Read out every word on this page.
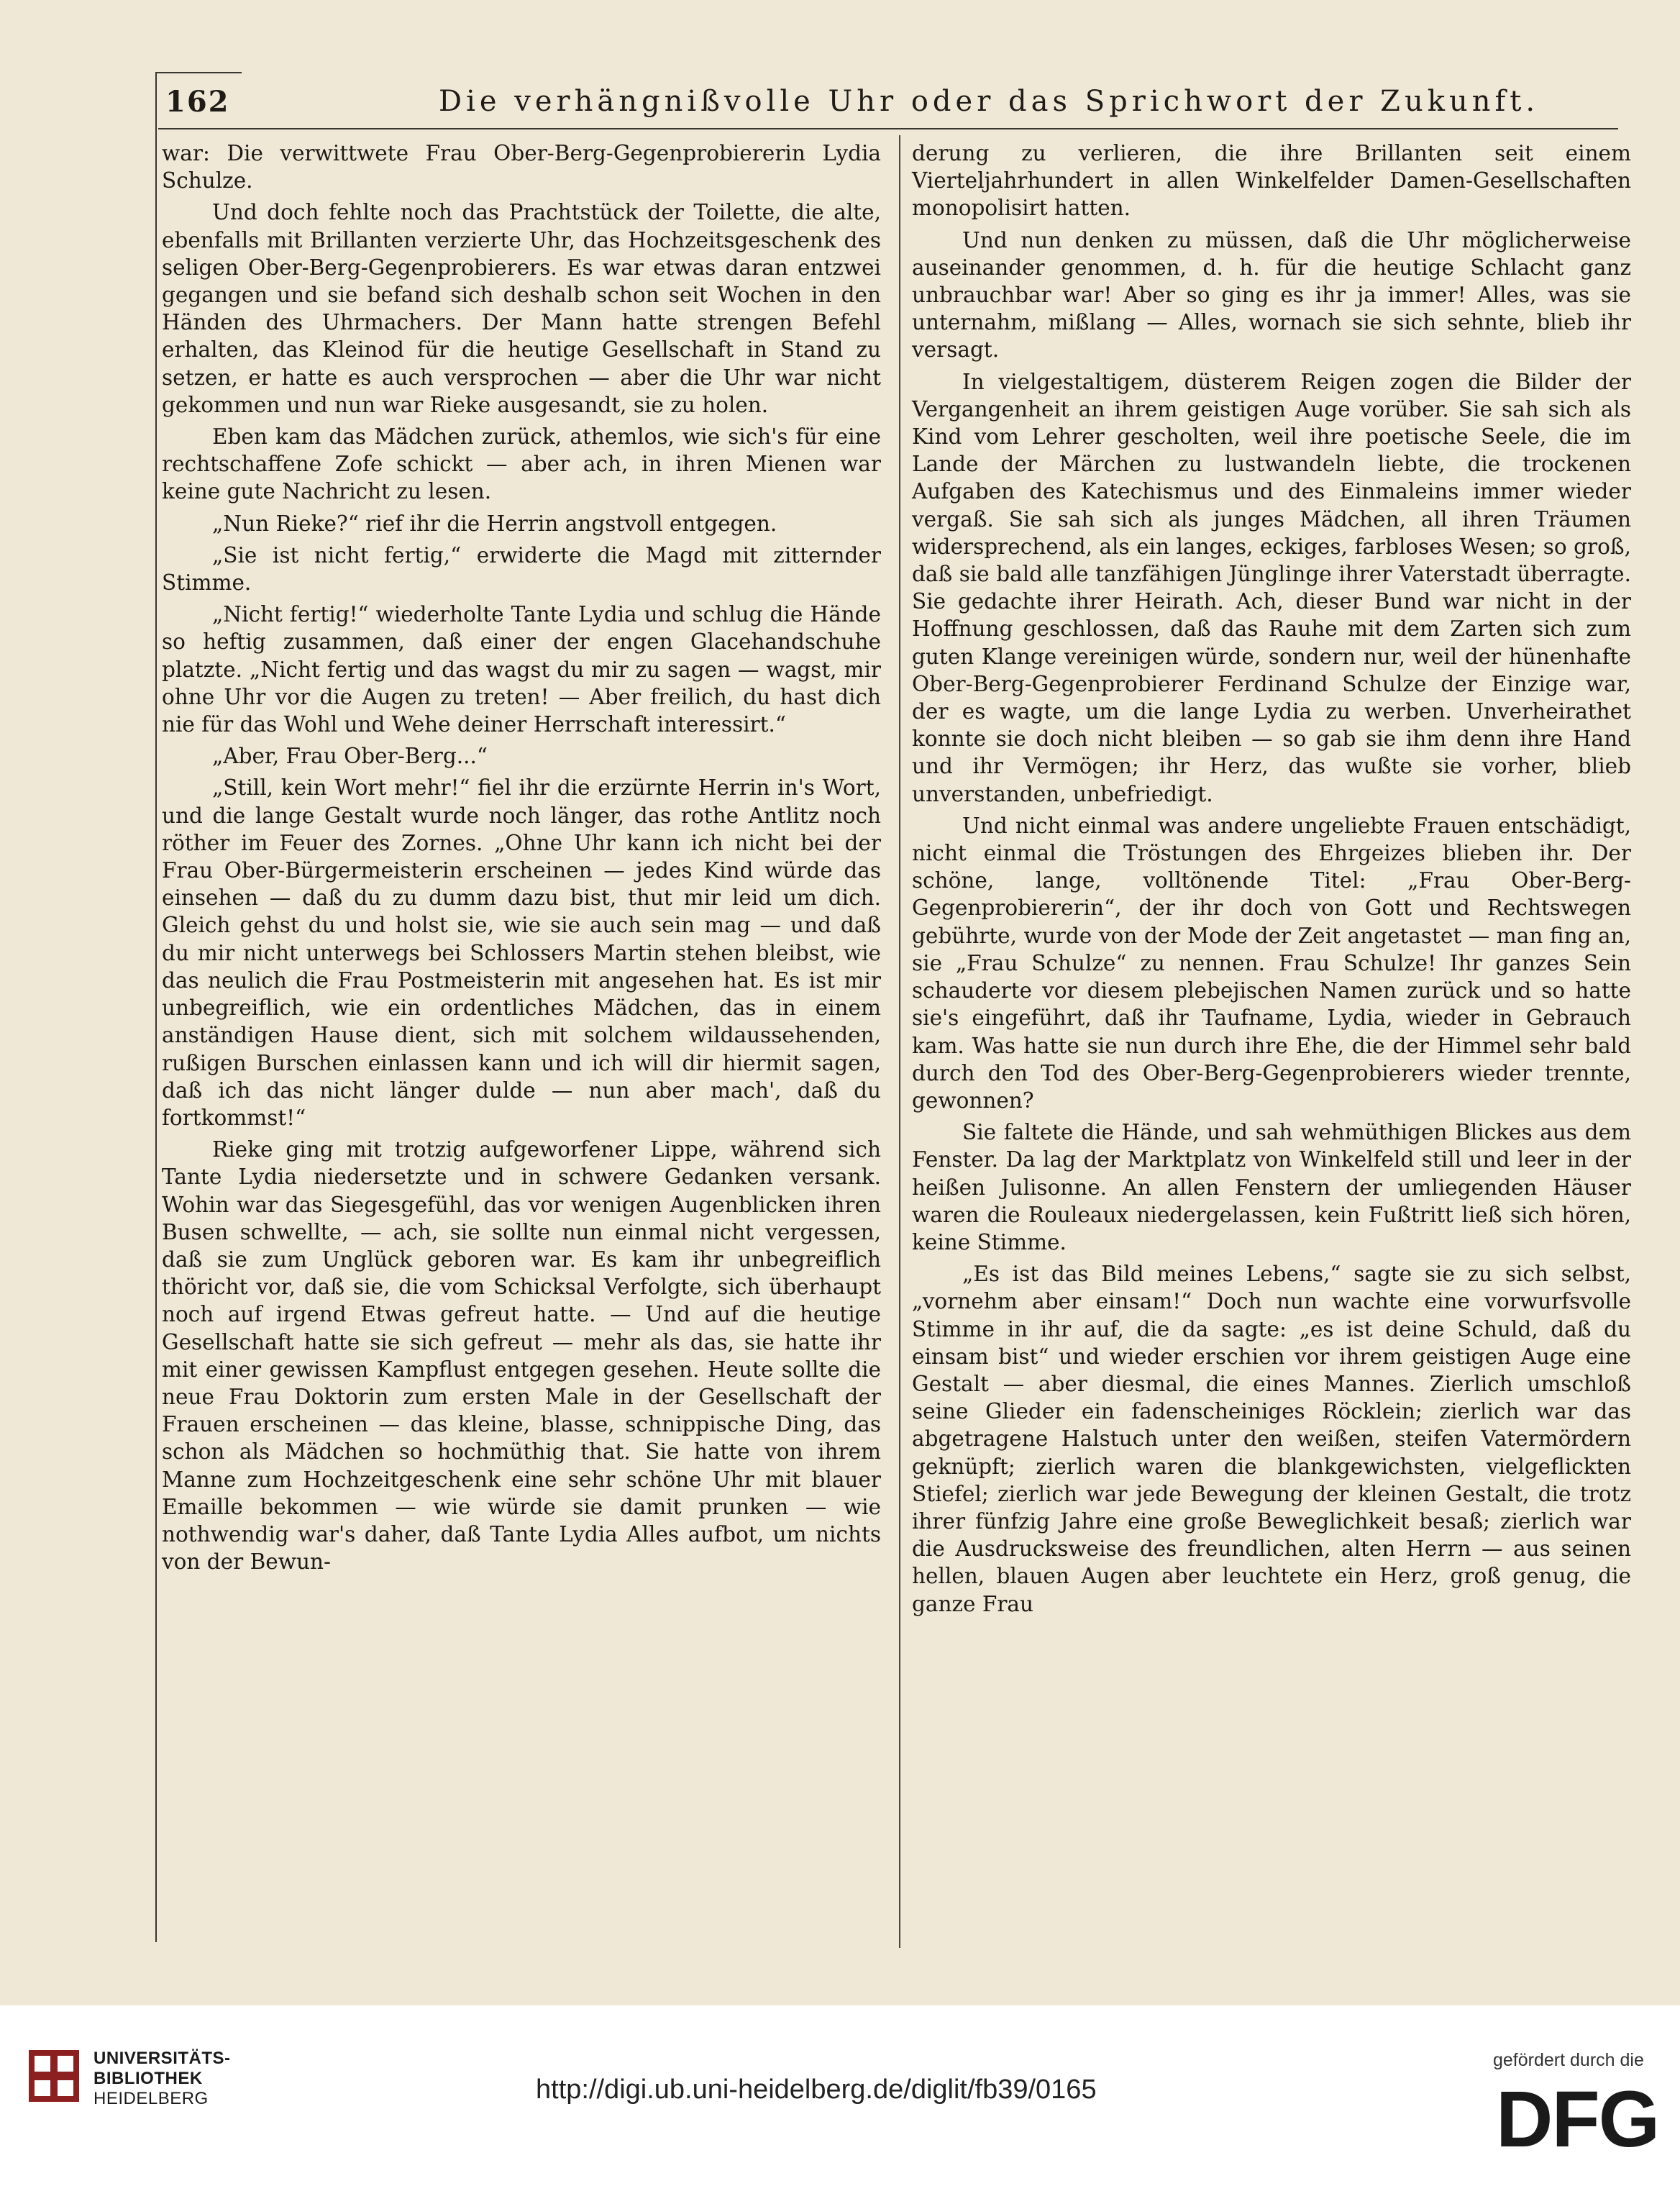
162	Die verhängnißvolle Uhr oder das Sprichwort der Zukunft.

war: Die verwittwete Frau Ober-Berg-Gegenprobiererin Lydia Schulze.

Und doch fehlte noch das Prachtstück der Toilette, die alte, ebenfalls mit Brillanten verzierte Uhr, das Hochzeitsgeschenk des seligen Ober-Berg-Gegenprobierers. Es war etwas daran entzwei gegangen und sie befand sich deshalb schon seit Wochen in den Händen des Uhrmachers. Der Mann hatte strengen Befehl erhalten, das Kleinod für die heutige Gesellschaft in Stand zu setzen, er hatte es auch versprochen — aber die Uhr war nicht gekommen und nun war Rieke ausgesandt, sie zu holen.

Eben kam das Mädchen zurück, athemlos, wie sich's für eine rechtschaffene Zofe schickt — aber ach, in ihren Mienen war keine gute Nachricht zu lesen.

„Nun Rieke?“ rief ihr die Herrin angstvoll entgegen.

„Sie ist nicht fertig,“ erwiderte die Magd mit zitternder Stimme.

„Nicht fertig!“ wiederholte Tante Lydia und schlug die Hände so heftig zusammen, daß einer der engen Glacehandschuhe platzte. „Nicht fertig und das wagst du mir zu sagen — wagst, mir ohne Uhr vor die Augen zu treten! — Aber freilich, du hast dich nie für das Wohl und Wehe deiner Herrschaft interessirt.“

„Aber, Frau Ober-Berg...“

„Still, kein Wort mehr!“ fiel ihr die erzürnte Herrin in's Wort, und die lange Gestalt wurde noch länger, das rothe Antlitz noch röther im Feuer des Zornes. „Ohne Uhr kann ich nicht bei der Frau Ober-Bürgermeisterin erscheinen — jedes Kind würde das einsehen — daß du zu dumm dazu bist, thut mir leid um dich. Gleich gehst du und holst sie, wie sie auch sein mag — und daß du mir nicht unterwegs bei Schlossers Martin stehen bleibst, wie das neulich die Frau Postmeisterin mit angesehen hat. Es ist mir unbegreiflich, wie ein ordentliches Mädchen, das in einem anständigen Hause dient, sich mit solchem wildaussehenden, rußigen Burschen einlassen kann und ich will dir hiermit sagen, daß ich das nicht länger dulde — nun aber mach', daß du fortkommst!“

Rieke ging mit trotzig aufgeworfener Lippe, während sich Tante Lydia niedersetzte und in schwere Gedanken versank. Wohin war das Siegesgefühl, das vor wenigen Augenblicken ihren Busen schwellte, — ach, sie sollte nun einmal nicht vergessen, daß sie zum Unglück geboren war. Es kam ihr unbegreiflich thöricht vor, daß sie, die vom Schicksal Verfolgte, sich überhaupt noch auf irgend Etwas gefreut hatte. — Und auf die heutige Gesellschaft hatte sie sich gefreut — mehr als das, sie hatte ihr mit einer gewissen Kampflust entgegen gesehen. Heute sollte die neue Frau Doktorin zum ersten Male in der Gesellschaft der Frauen erscheinen — das kleine, blasse, schnippische Ding, das schon als Mädchen so hochmüthig that. Sie hatte von ihrem Manne zum Hochzeitgeschenk eine sehr schöne Uhr mit blauer Emaille bekommen — wie würde sie damit prunken — wie nothwendig war's daher, daß Tante Lydia Alles aufbot, um nichts von der Bewun-

derung zu verlieren, die ihre Brillanten seit einem Vierteljahrhundert in allen Winkelfelder Damen-Gesellschaften monopolisirt hatten.

Und nun denken zu müssen, daß die Uhr möglicherweise auseinander genommen, d. h. für die heutige Schlacht ganz unbrauchbar war! Aber so ging es ihr ja immer! Alles, was sie unternahm, mißlang — Alles, wornach sie sich sehnte, blieb ihr versagt.

In vielgestaltigem, düsterem Reigen zogen die Bilder der Vergangenheit an ihrem geistigen Auge vorüber. Sie sah sich als Kind vom Lehrer gescholten, weil ihre poetische Seele, die im Lande der Märchen zu lustwandeln liebte, die trockenen Aufgaben des Katechismus und des Einmaleins immer wieder vergaß. Sie sah sich als junges Mädchen, all ihren Träumen widersprechend, als ein langes, eckiges, farbloses Wesen; so groß, daß sie bald alle tanzfähigen Jünglinge ihrer Vaterstadt überragte. Sie gedachte ihrer Heirath. Ach, dieser Bund war nicht in der Hoffnung geschlossen, daß das Rauhe mit dem Zarten sich zum guten Klange vereinigen würde, sondern nur, weil der hünenhafte Ober-Berg-Gegenprobierer Ferdinand Schulze der Einzige war, der es wagte, um die lange Lydia zu werben. Unverheirathet konnte sie doch nicht bleiben — so gab sie ihm denn ihre Hand und ihr Vermögen; ihr Herz, das wußte sie vorher, blieb unverstanden, unbefriedigt.

Und nicht einmal was andere ungeliebte Frauen entschädigt, nicht einmal die Tröstungen des Ehrgeizes blieben ihr. Der schöne, lange, volltönende Titel: „Frau Ober-Berg-Gegenprobiererin“, der ihr doch von Gott und Rechtswegen gebührte, wurde von der Mode der Zeit angetastet — man fing an, sie „Frau Schulze“ zu nennen. Frau Schulze! Ihr ganzes Sein schauderte vor diesem plebejischen Namen zurück und so hatte sie's eingeführt, daß ihr Taufname, Lydia, wieder in Gebrauch kam. Was hatte sie nun durch ihre Ehe, die der Himmel sehr bald durch den Tod des Ober-Berg-Gegenprobierers wieder trennte, gewonnen?

Sie faltete die Hände, und sah wehmüthigen Blickes aus dem Fenster. Da lag der Marktplatz von Winkelfeld still und leer in der heißen Julisonne. An allen Fenstern der umliegenden Häuser waren die Rouleaux niedergelassen, kein Fußtritt ließ sich hören, keine Stimme.

„Es ist das Bild meines Lebens,“ sagte sie zu sich selbst, „vornehm aber einsam!“ Doch nun wachte eine vorwurfsvolle Stimme in ihr auf, die da sagte: „es ist deine Schuld, daß du einsam bist“ und wieder erschien vor ihrem geistigen Auge eine Gestalt — aber diesmal, die eines Mannes. Zierlich umschloß seine Glieder ein fadenscheiniges Röcklein; zierlich war das abgetragene Halstuch unter den weißen, steifen Vatermördern geknüpft; zierlich waren die blankgewichsten, vielgeflickten Stiefel; zierlich war jede Bewegung der kleinen Gestalt, die trotz ihrer fünfzig Jahre eine große Beweglichkeit besaß; zierlich war die Ausdrucksweise des freundlichen, alten Herrn — aus seinen hellen, blauen Augen aber leuchtete ein Herz, groß genug, die ganze Frau

UNIVERSITÄTS-
BIBLIOTHEK
HEIDELBERG	http://digi.ub.uni-heidelberg.de/diglit/fb39/0165
gefördert durch die
DFG
